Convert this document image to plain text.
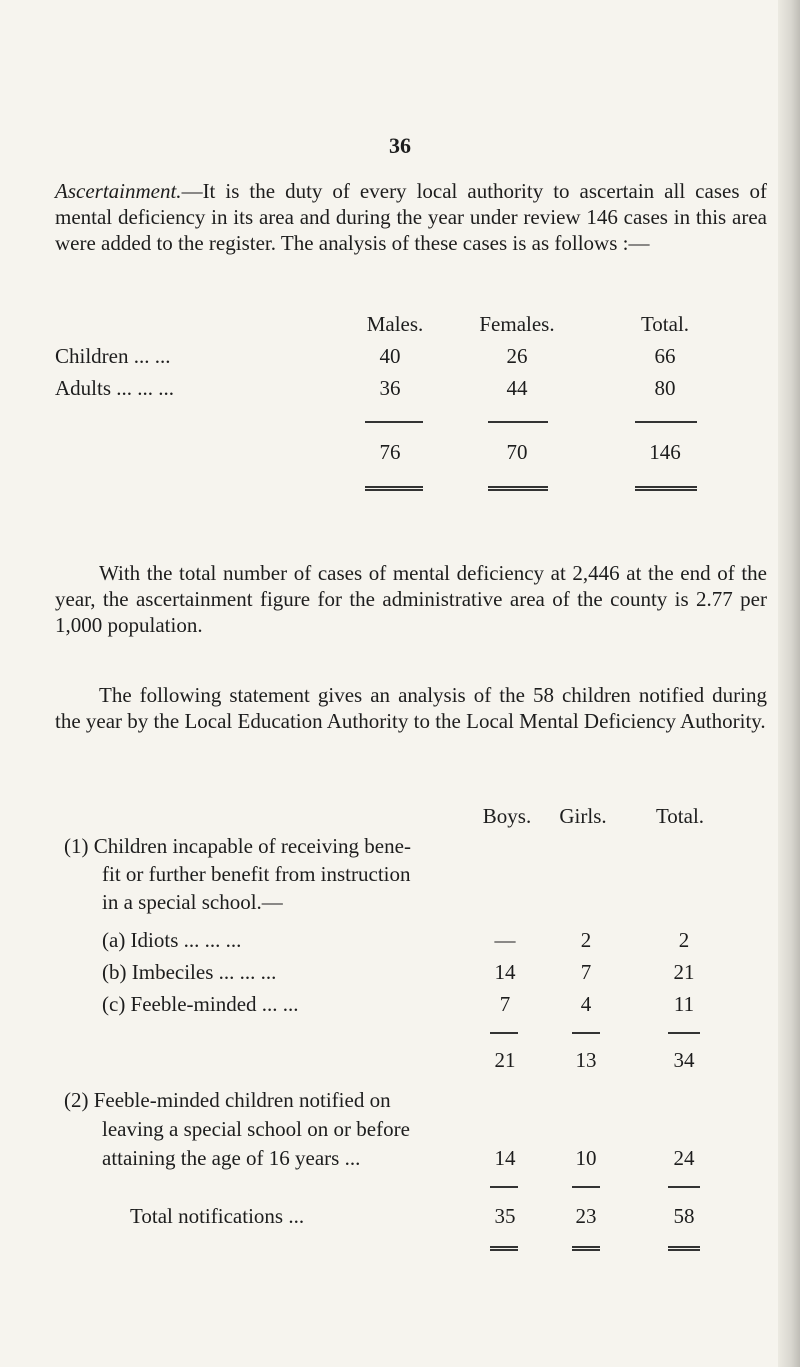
36
Ascertainment.—It is the duty of every local authority to ascertain all cases of mental deficiency in its area and during the year under review 146 cases in this area were added to the register. The analysis of these cases is as follows :—
Males.	Females.	Total.
Children ... ...	40	26	66
Adults ... ... ...	36	44	80
76	70	146
With the total number of cases of mental deficiency at 2,446 at the end of the year, the ascertainment figure for the administrative area of the county is 2.77 per 1,000 population.
The following statement gives an analysis of the 58 children notified during the year by the Local Education Authority to the Local Mental Deficiency Authority.
Boys.	Girls.	Total.
(1) Children incapable of receiving bene-
fit or further benefit from instruction
in a special school.—
(a) Idiots ... ... ...	—	2	2
(b) Imbeciles ... ... ...	14	7	21
(c) Feeble-minded ... ...	7	4	11
21	13	34
(2) Feeble-minded children notified on
leaving a special school on or before
attaining the age of 16 years ...	14	10	24
Total notifications ...	35	23	58
